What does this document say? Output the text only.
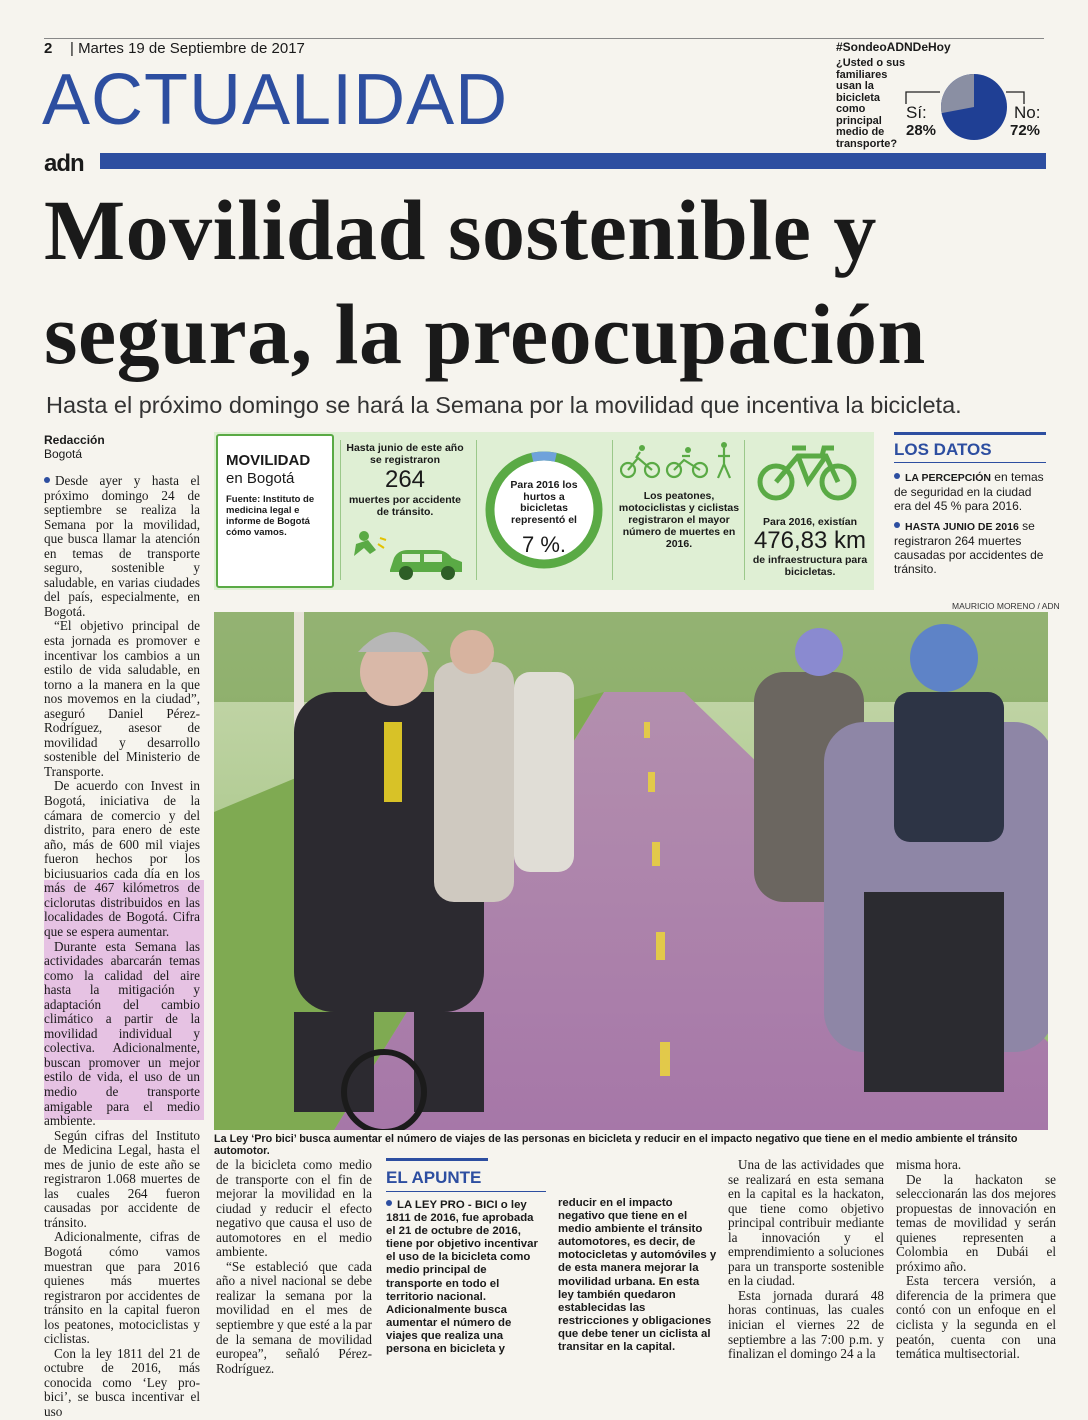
2 | Martes 19 de Septiembre de 2017
ACTUALIDAD
adn
#SondeoADNDeHoy
¿Usted o sus familiares usan la bicicleta como principal medio de transporte?
Sí:
28%
No:
72%
Movilidad sostenible y
segura, la preocupación
Hasta el próximo domingo se hará la Semana por la movilidad que incentiva la bicicleta.
Redacción
Bogotá

Desde ayer y hasta el próximo domingo 24 de septiembre se realiza la Semana por la movilidad, que busca llamar la atención en temas de transporte seguro, sostenible y saludable, en varias ciudades del país, especialmente, en Bogotá.

“El objetivo principal de esta jornada es promover e incentivar los cambios a un estilo de vida saludable, en torno a la manera en la que nos movemos en la ciudad”, aseguró Daniel Pérez-Rodríguez, asesor de movilidad y desarrollo sostenible del Ministerio de Transporte.

De acuerdo con Invest in Bogotá, iniciativa de la cámara de comercio y del distrito, para enero de este año, más de 600 mil viajes fueron hechos por los biciusuarios cada día en los más de 467 kilómetros de ciclorutas distribuidos en las localidades de Bogotá. Cifra que se espera aumentar.

Durante esta Semana las actividades abarcarán temas como la calidad del aire hasta la mitigación y adaptación del cambio climático a partir de la movilidad individual y colectiva. Adicionalmente, buscan promover un mejor estilo de vida, el uso de un medio de transporte amigable para el medio ambiente.

Según cifras del Instituto de Medicina Legal, hasta el mes de junio de este año se registraron 1.068 muertes de las cuales 264 fueron causadas por accidente de tránsito.

Adicionalmente, cifras de Bogotá cómo vamos muestran que para 2016 quienes más muertes registraron por accidentes de tránsito en la capital fueron los peatones, motociclistas y ciclistas.

Con la ley 1811 del 21 de octubre de 2016, más conocida como ‘Ley pro-bici’, se busca incentivar el uso

MOVILIDAD
en Bogotá
Fuente: Instituto de medicina legal e informe de Bogotá cómo vamos.
Hasta junio de este año se registraron
264
muertes por accidente de tránsito.
Para 2016 los hurtos a bicicletas representó el
7 %.
Los peatones, motociclistas y ciclistas registraron el mayor número de muertes en 2016.
Para 2016, existían
476,83 km
de infraestructura para bicicletas.
LOS DATOS

LA PERCEPCIÓN en temas de seguridad en la ciudad era del 45 % para 2016.

HASTA JUNIO DE 2016 se registraron 264 muertes causadas por accidentes de tránsito.

MAURICIO MORENO / ADN
La Ley ‘Pro bici’ busca aumentar el número de viajes de las personas en bicicleta y reducir en el impacto negativo que tiene en el medio ambiente el tránsito automotor.

de la bicicleta como medio de transporte con el fin de mejorar la movilidad en la ciudad y reducir el efecto negativo que causa el uso de automotores en el medio ambiente.

“Se estableció que cada año a nivel nacional se debe realizar la semana por la movilidad en el mes de septiembre y que esté a la par de la semana de movilidad europea”, señaló Pérez-Rodríguez.

EL APUNTE
LA LEY PRO - BICI o ley 1811 de 2016, fue aprobada el 21 de octubre de 2016, tiene por objetivo incentivar el uso de la bicicleta como medio principal de transporte en todo el territorio nacional. Adicionalmente busca aumentar el número de viajes que realiza una persona en bicicleta y
reducir en el impacto negativo que tiene en el medio ambiente el tránsito automotores, es decir, de motocicletas y automóviles y de esta manera mejorar la movilidad urbana. En esta ley también quedaron establecidas las restricciones y obligaciones que debe tener un ciclista al transitar en la capital.

Una de las actividades que se realizará en esta semana en la capital es la hackaton, que tiene como objetivo principal contribuir mediante la innovación y el emprendimiento a soluciones para un transporte sostenible en la ciudad.

Esta jornada durará 48 horas continuas, las cuales inician el viernes 22 de septiembre a las 7:00 p.m. y finalizan el domingo 24 a la

misma hora.

De la hackaton se seleccionarán las dos mejores propuestas de innovación en temas de movilidad y serán quienes representen a Colombia en Dubái el próximo año.

Esta tercera versión, a diferencia de la primera que contó con un enfoque en el ciclista y la segunda en el peatón, cuenta con una temática multisectorial.
